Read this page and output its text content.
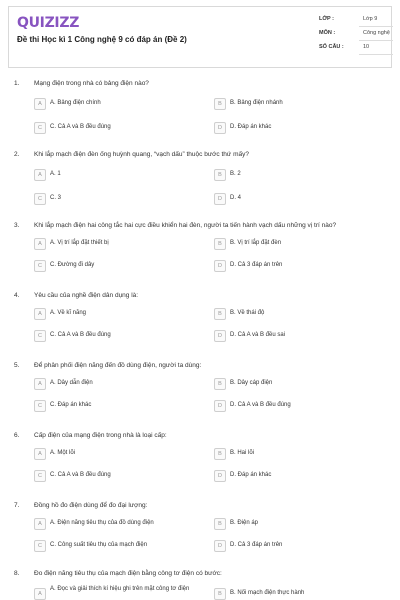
QUIZIZZ
Đề thi Học kì 1 Công nghệ 9 có đáp án (Đề 2)
LỚP :	Lớp 9
MÔN :	Công nghệ
SỐ CÂU :	10
1. Mạng điện trong nhà có bảng điện nào?
A	A. Bảng điện chính	B	B. Bảng điện nhánh
C	C. Cả A và B đều đúng	D	D. Đáp án khác
2. Khi lắp mạch điện đèn ống huỳnh quang, “vạch dấu” thuộc bước thứ mấy?
A	A. 1	B	B. 2
C	C. 3	D	D. 4
3. Khi lắp mạch điện hai công tắc hai cực điều khiển hai đèn, người ta tiến hành vạch dấu những vị trí nào?
A	A. Vị trí lắp đặt thiết bị	B	B. Vị trí lắp đặt đèn
C	C. Đường đi dây	D	D. Cả 3 đáp án trên
4. Yêu cầu của nghề điện dân dụng là:
A	A. Về kĩ năng	B	B. Về thái độ
C	C. Cả A và B đều đúng	D	D. Cả A và B đều sai
5. Để phân phối điện năng đến đồ dùng điện, người ta dùng:
A	A. Dây dẫn điện	B	B. Dây cáp điện
C	C. Đáp án khác	D	D. Cả A và B đều đúng
6. Cấp điện của mạng điện trong nhà là loại cấp:
A	A. Một lõi	B	B. Hai lõi
C	C. Cả A và B đều đúng	D	D. Đáp án khác
7. Đồng hồ đo điện dùng để đo đại lượng:
A	A. Điện năng tiêu thụ của đồ dùng điện	B	B. Điện áp
C	C. Công suất tiêu thụ của mạch điện	D	D. Cả 3 đáp án trên
8. Đo điện năng tiêu thụ của mạch điện bằng công tơ điện có bước:
A
A. Đọc và giải thích kí hiệu ghi trên mặt công tơ điện
B	B. Nối mạch điện thực hành
